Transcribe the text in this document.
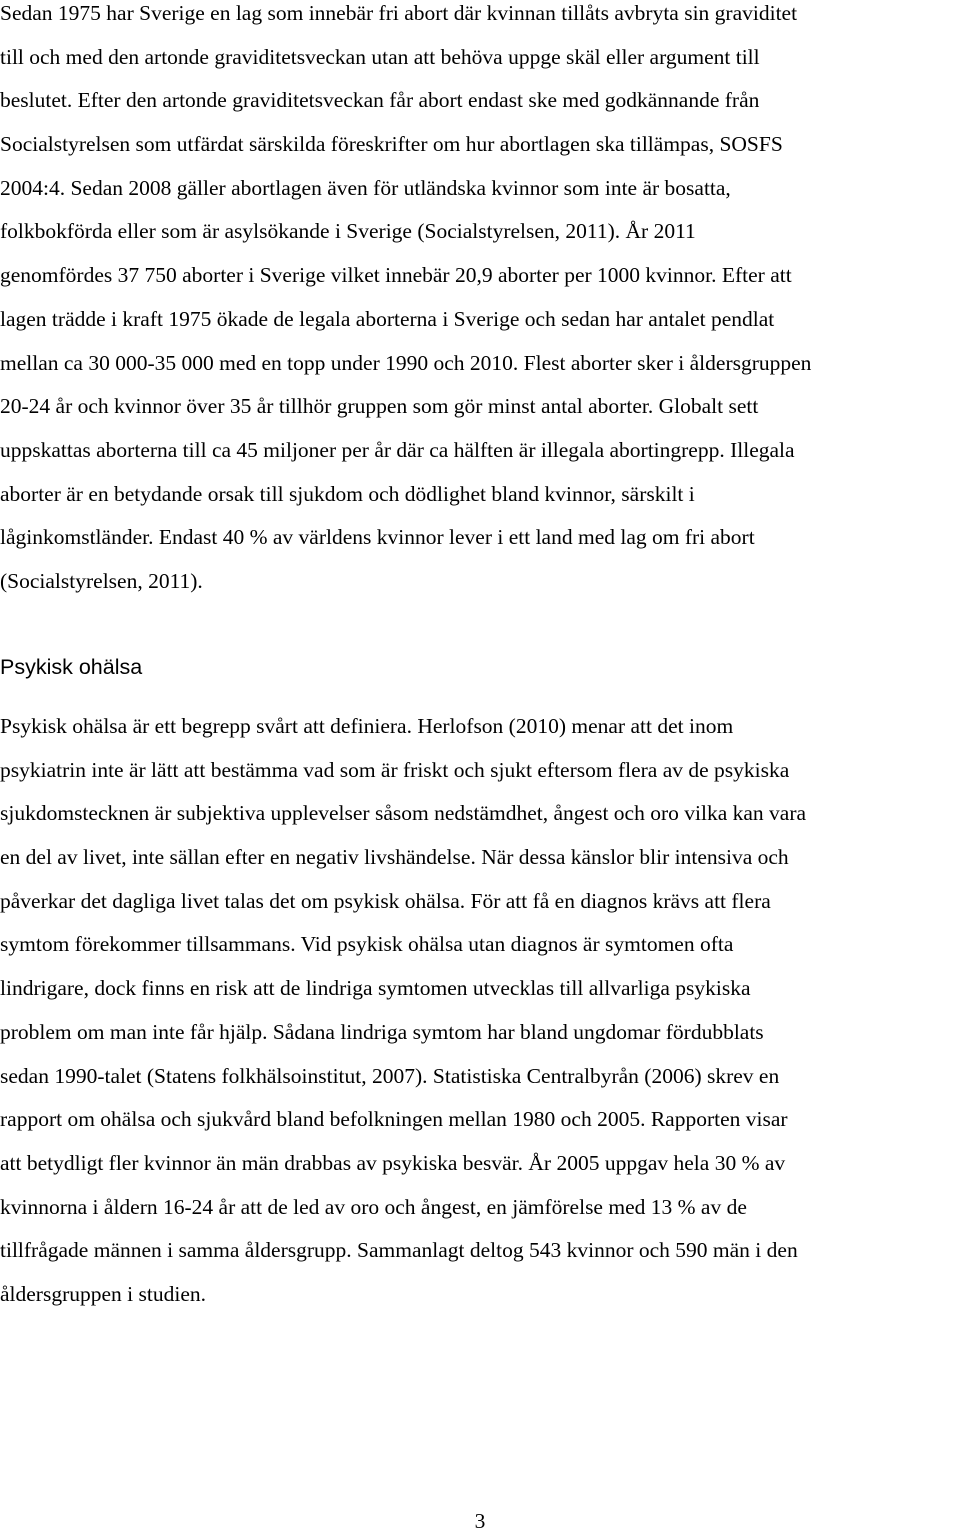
Sedan 1975 har Sverige en lag som innebär fri abort där kvinnan tillåts avbryta sin graviditet
till och med den artonde graviditetsveckan utan att behöva uppge skäl eller argument till
beslutet. Efter den artonde graviditetsveckan får abort endast ske med godkännande från
Socialstyrelsen som utfärdat särskilda föreskrifter om hur abortlagen ska tillämpas, SOSFS
2004:4. Sedan 2008 gäller abortlagen även för utländska kvinnor som inte är bosatta,
folkbokförda eller som är asylsökande i Sverige (Socialstyrelsen, 2011). År 2011
genomfördes 37 750 aborter i Sverige vilket innebär 20,9 aborter per 1000 kvinnor. Efter att
lagen trädde i kraft 1975 ökade de legala aborterna i Sverige och sedan har antalet pendlat
mellan ca 30 000-35 000 med en topp under 1990 och 2010. Flest aborter sker i åldersgruppen
20-24 år och kvinnor över 35 år tillhör gruppen som gör minst antal aborter. Globalt sett
uppskattas aborterna till ca 45 miljoner per år där ca hälften är illegala abortingrepp. Illegala
aborter är en betydande orsak till sjukdom och dödlighet bland kvinnor, särskilt i
låginkomstländer. Endast 40 % av världens kvinnor lever i ett land med lag om fri abort
(Socialstyrelsen, 2011).
Psykisk ohälsa
Psykisk ohälsa är ett begrepp svårt att definiera. Herlofson (2010) menar att det inom
psykiatrin inte är lätt att bestämma vad som är friskt och sjukt eftersom flera av de psykiska
sjukdomstecknen är subjektiva upplevelser såsom nedstämdhet, ångest och oro vilka kan vara
en del av livet, inte sällan efter en negativ livshändelse. När dessa känslor blir intensiva och
påverkar det dagliga livet talas det om psykisk ohälsa. För att få en diagnos krävs att flera
symtom förekommer tillsammans. Vid psykisk ohälsa utan diagnos är symtomen ofta
lindrigare, dock finns en risk att de lindriga symtomen utvecklas till allvarliga psykiska
problem om man inte får hjälp. Sådana lindriga symtom har bland ungdomar fördubblats
sedan 1990-talet (Statens folkhälsoinstitut, 2007). Statistiska Centralbyrån (2006) skrev en
rapport om ohälsa och sjukvård bland befolkningen mellan 1980 och 2005. Rapporten visar
att betydligt fler kvinnor än män drabbas av psykiska besvär. År 2005 uppgav hela 30 % av
kvinnorna i åldern 16-24 år att de led av oro och ångest, en jämförelse med 13 % av de
tillfrågade männen i samma åldersgrupp. Sammanlagt deltog 543 kvinnor och 590 män i den
åldersgruppen i studien.
3
